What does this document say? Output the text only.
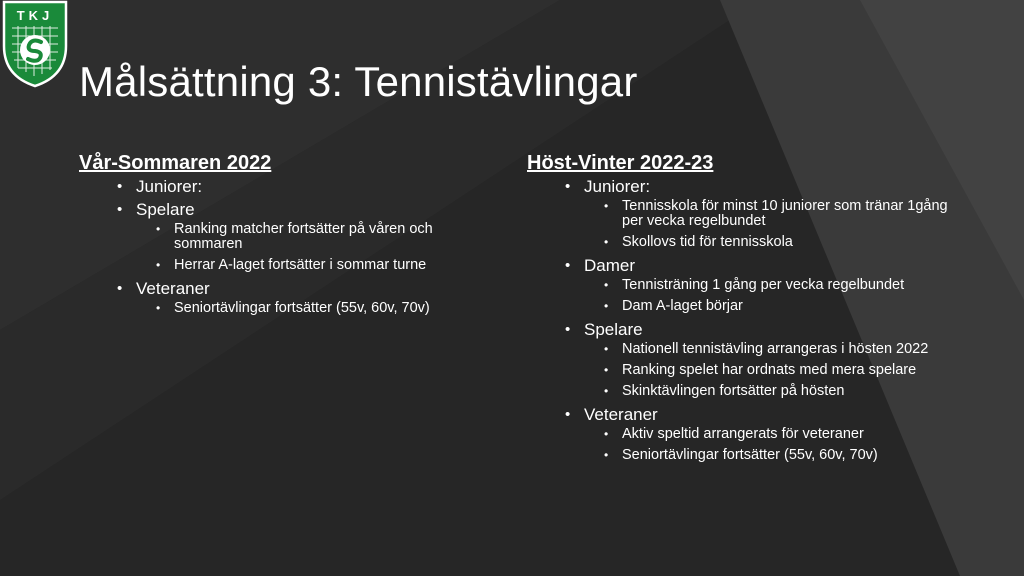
TKJ
Målsättning 3: Tennistävlingar
Vår-Sommaren 2022
• Juniorer:
• Spelare
• Ranking matcher fortsätter på våren och sommaren
• Herrar A-laget fortsätter i sommar turne
• Veteraner
• Seniortävlingar fortsätter (55v, 60v, 70v)
Höst-Vinter 2022-23
• Juniorer:
• Tennisskola för minst 10 juniorer som tränar 1gång per vecka regelbundet
• Skollovs tid för tennisskola
• Damer
• Tennisträning 1 gång per vecka regelbundet
• Dam A-laget börjar
• Spelare
• Nationell tennistävling arrangeras i hösten 2022
• Ranking spelet har ordnats med mera spelare
• Skinktävlingen fortsätter på hösten
• Veteraner
• Aktiv speltid arrangerats för veteraner
• Seniortävlingar fortsätter (55v, 60v, 70v)
